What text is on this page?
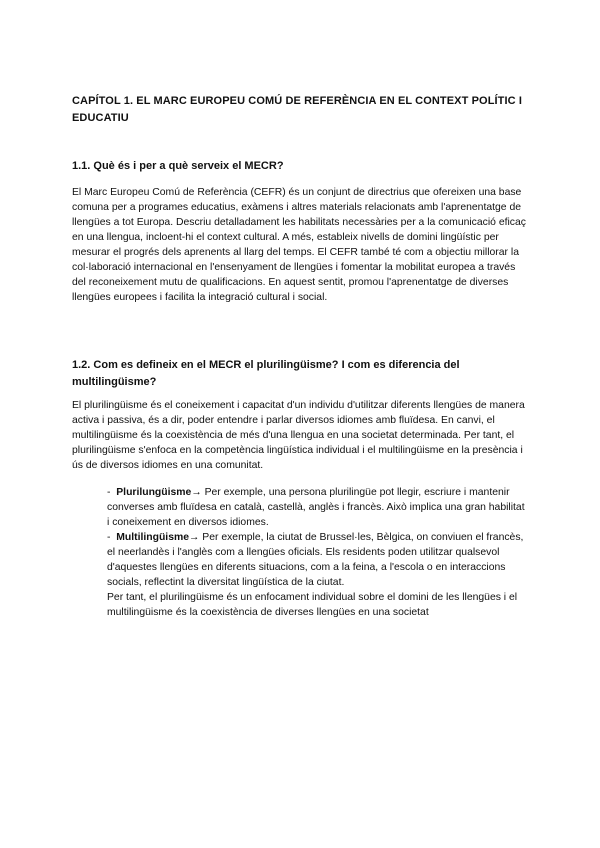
CAPÍTOL 1. EL MARC EUROPEU COMÚ DE REFERÈNCIA EN EL CONTEXT POLÍTIC I EDUCATIU
1.1. Què és i per a què serveix el MECR?
El Marc Europeu Comú de Referència (CEFR) és un conjunt de directrius que ofereixen una base comuna per a programes educatius, exàmens i altres materials relacionats amb l'aprenentatge de llengües a tot Europa. Descriu detalladament les habilitats necessàries per a la comunicació eficaç en una llengua, incloent-hi el context cultural. A més, estableix nivells de domini lingüístic per mesurar el progrés dels aprenents al llarg del temps. El CEFR també té com a objectiu millorar la col·laboració internacional en l'ensenyament de llengües i fomentar la mobilitat europea a través del reconeixement mutu de qualificacions. En aquest sentit, promou l'aprenentatge de diverses llengües europees i facilita la integració cultural i social.
1.2. Com es defineix en el MECR el plurilingüisme? I com es diferencia del multilingüisme?
El plurilingüisme és el coneixement i capacitat d'un individu d'utilitzar diferents llengües de manera activa i passiva, és a dir, poder entendre i parlar diversos idiomes amb fluïdesa. En canvi, el multilingüisme és la coexistència de més d'una llengua en una societat determinada. Per tant, el plurilingüisme s'enfoca en la competència lingüística individual i el multilingüisme en la presència i ús de diversos idiomes en una comunitat.

- Plurilungüisme→ Per exemple, una persona plurilingüe pot llegir, escriure i mantenir converses amb fluïdesa en català, castellà, anglès i francès. Això implica una gran habilitat i coneixement en diversos idiomes.

- Multilingüisme→ Per exemple, la ciutat de Brussel·les, Bèlgica, on conviuen el francès, el neerlandès i l'anglès com a llengües oficials. Els residents poden utilitzar qualsevol d'aquestes llengües en diferents situacions, com a la feina, a l'escola o en interaccions socials, reflectint la diversitat lingüística de la ciutat.

Per tant, el plurilingüisme és un enfocament individual sobre el domini de les llengües i el multilingüisme és la coexistència de diverses llengües en una societat
